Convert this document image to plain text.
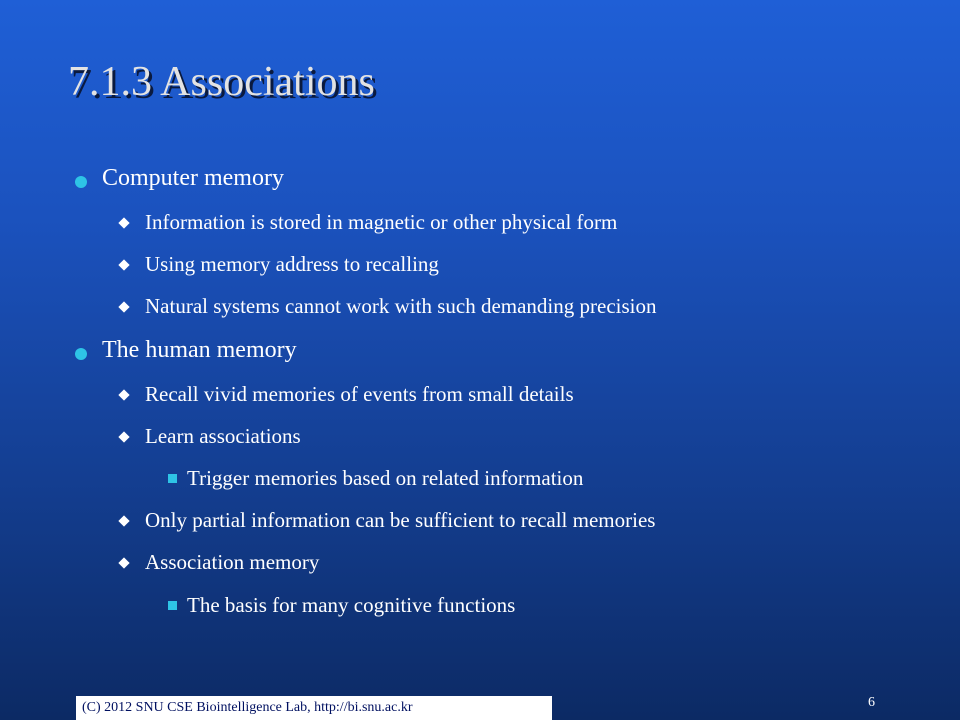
7.1.3 Associations
Computer memory
Information is stored in magnetic or other physical form
Using memory address to recalling
Natural systems cannot work with such demanding precision
The human memory
Recall vivid memories of events from small details
Learn associations
Trigger memories based on related information
Only partial information can be sufficient to recall memories
Association memory
The basis for many cognitive functions
(C) 2012 SNU CSE Biointelligence Lab, http://bi.snu.ac.kr	6
